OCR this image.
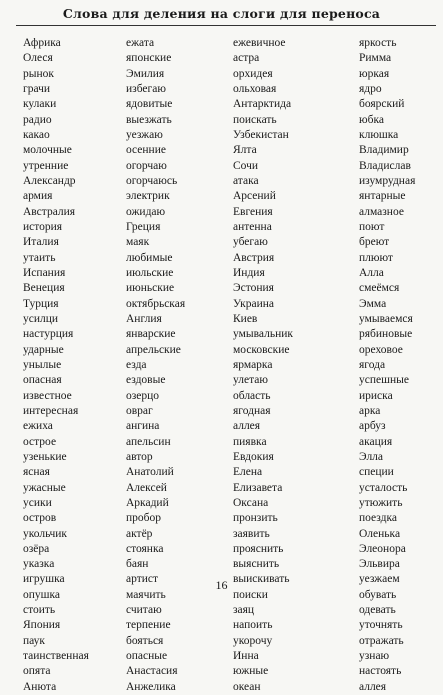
Слова для деления на слоги для переноса
Африка
Олеся
рынок
грачи
кулаки
радио
какао
молочные
утренние
Александр
армия
Австралия
история
Италия
утаить
Испания
Венеция
Турция
усилци
настурция
ударные
унылые
опасная
известное
интересная
ежиха
острое
узенькие
ясная
ужасные
усики
остров
укольчик
озёра
указка
игрушка
опушка
стоить
Япония
паук
таинственная
опята
Анюта
ежата
японские
Эмилия
избегаю
ядовитые
выезжать
уезжаю
осенние
огорчаю
огорчаюсь
электрик
ожидаю
Греция
маяк
любимые
июльские
июньские
октябрьская
Англия
январские
апрельские
езда
ездовые
озерцо
овраг
ангина
апельсин
автор
Анатолий
Алексей
Аркадий
пробор
актёр
стоянка
баян
артист
маячить
считаю
терпение
бояться
опасные
Анастасия
Анжелика
ежевичное
астра
орхидея
ольховая
Антарктида
поискать
Узбекистан
Ялта
Сочи
атака
Арсений
Евгения
антенна
убегаю
Австрия
Индия
Эстония
Украина
Киев
умывальник
московские
ярмарка
улетаю
область
ягодная
аллея
пиявка
Евдокия
Елена
Елизавета
Оксана
пронзить
заявить
прояснить
выяснить
выискивать
поиски
заяц
напоить
укорочу
Инна
южные
океан
яркость
Римма
юркая
ядро
боярский
юбка
клюшка
Владимир
Владислав
изумрудная
янтарные
алмазное
поют
бреют
плюют
Алла
смеёмся
Эмма
умываемся
рябиновые
ореховое
ягода
успешные
ириска
арка
арбуз
акация
Элла
специи
усталость
утюжить
поездка
Оленька
Элеонора
Эльвира
уезжаем
обувать
одевать
уточнять
отражать
узнаю
настоять
аллея
16
